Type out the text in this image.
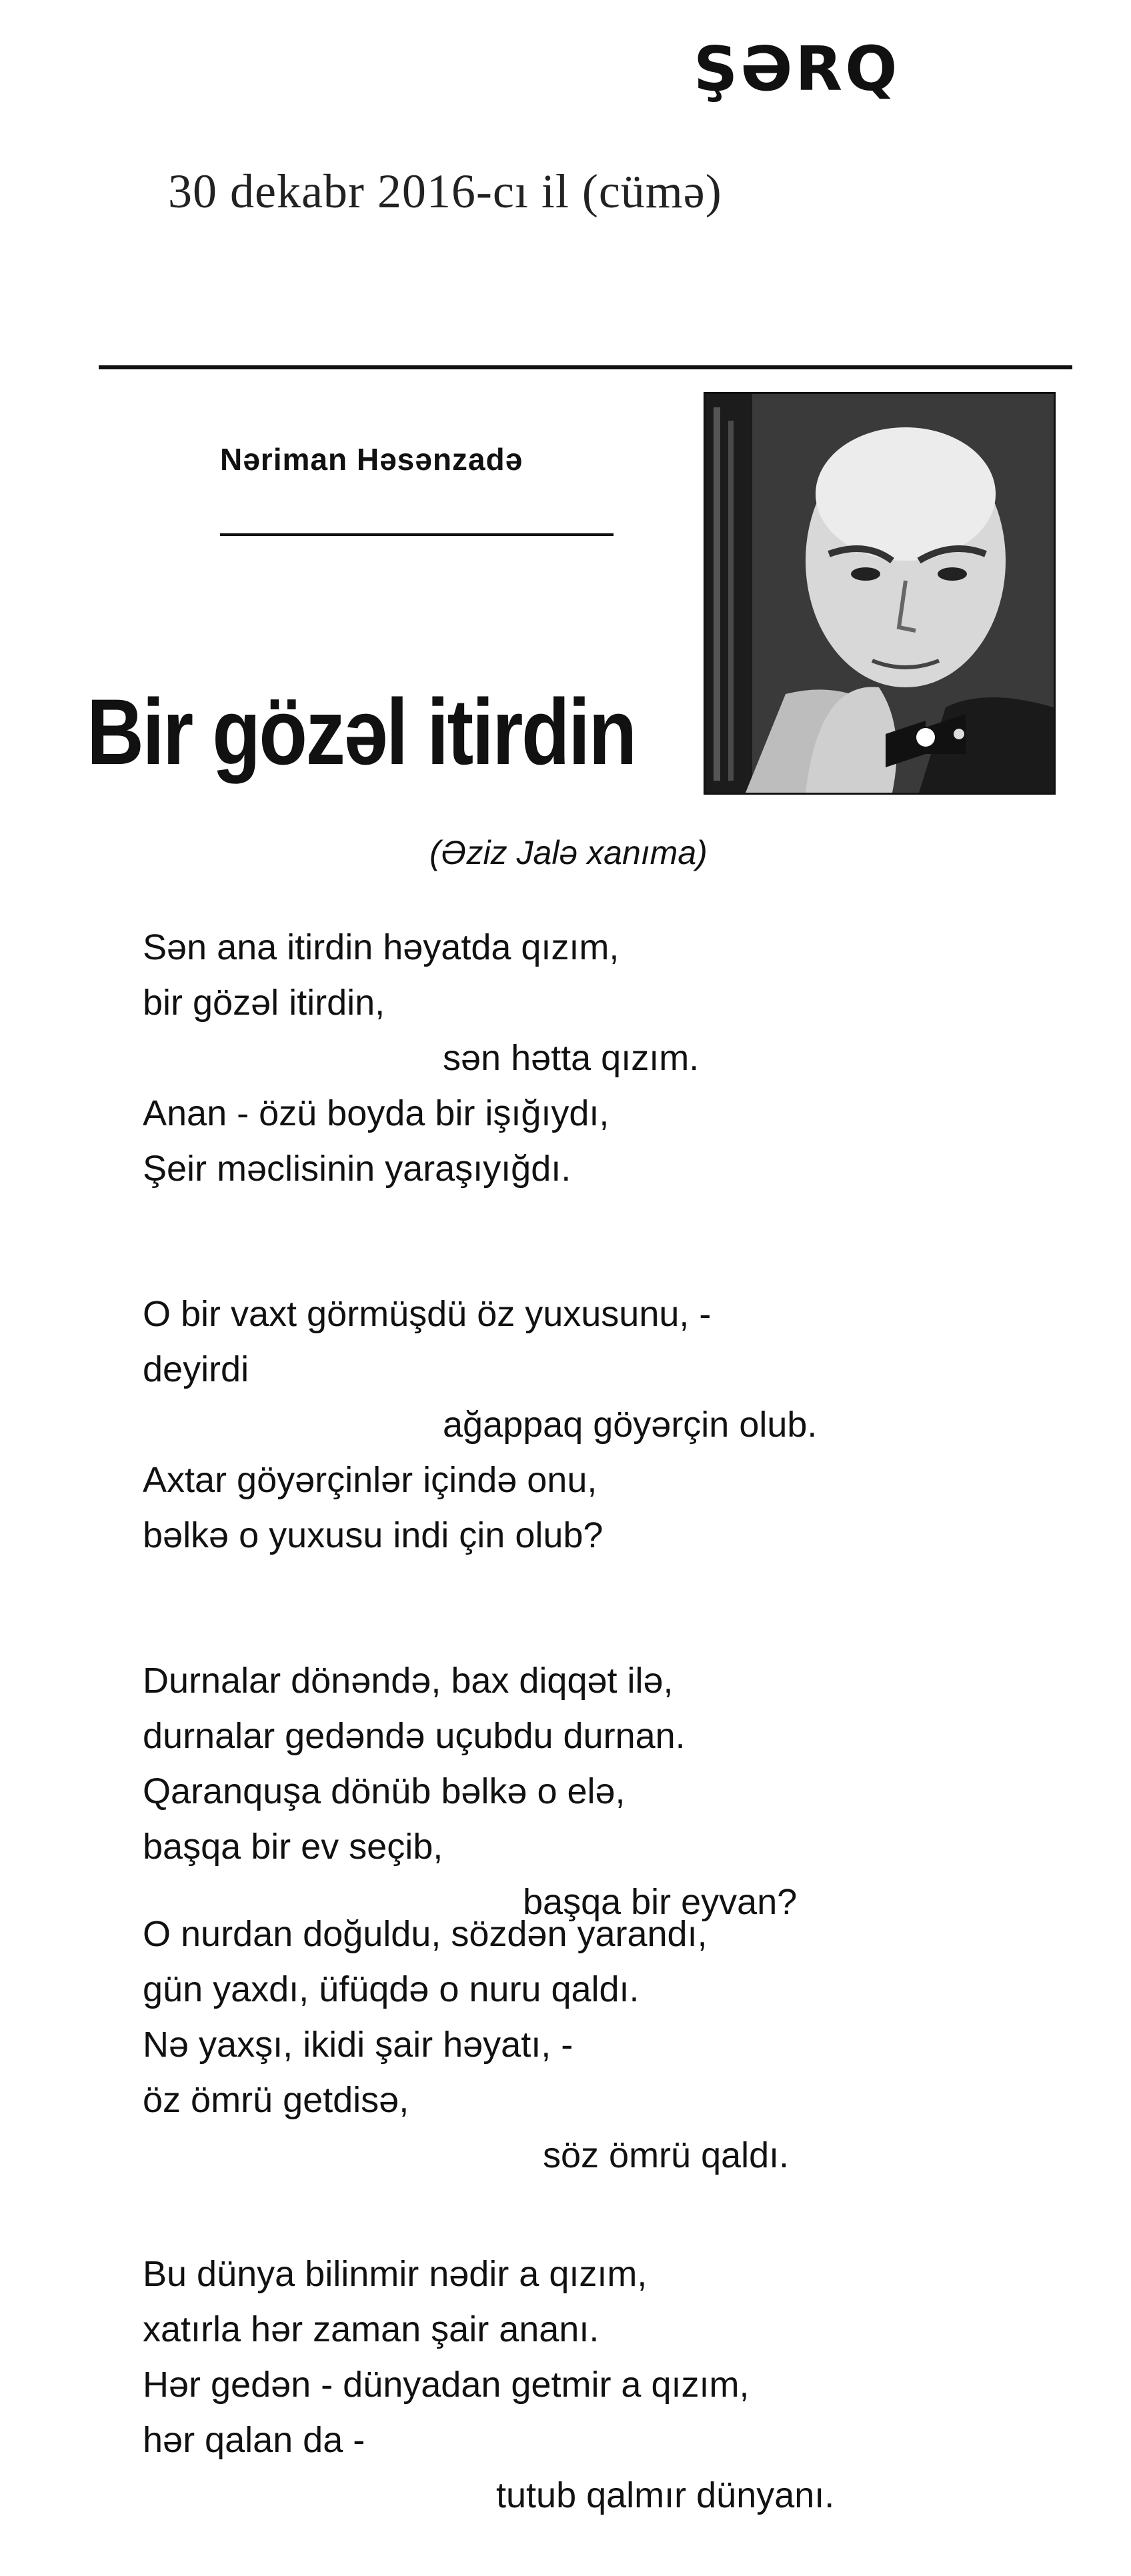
ŞƏRQ
30 dekabr 2016-cı il (cümə)
Nəriman Həsənzadə
Bir gözəl itirdin
(Əziz Jalə xanıma)
Sən ana itirdin həyatda qızım,
bir gözəl itirdin,
sən hətta qızım.
Anan - özü boyda bir işığıydı,
Şeir məclisinin yaraşıyığdı.
O bir vaxt görmüşdü öz yuxusunu, -
deyirdi
ağappaq göyərçin olub.
Axtar göyərçinlər içində onu,
bəlkə o yuxusu indi çin olub?
Durnalar dönəndə, bax diqqət ilə,
durnalar gedəndə uçubdu durnan.
Qaranquşa dönüb bəlkə o elə,
başqa bir ev seçib,
başqa bir eyvan?
O nurdan doğuldu, sözdən yarandı,
gün yaxdı, üfüqdə o nuru qaldı.
Nə yaxşı, ikidi şair həyatı, -
öz ömrü getdisə,
söz ömrü qaldı.
Bu dünya bilinmir nədir a qızım,
xatırla hər zaman şair ananı.
Hər gedən - dünyadan getmir a qızım,
hər qalan da -
tutub qalmır dünyanı.
